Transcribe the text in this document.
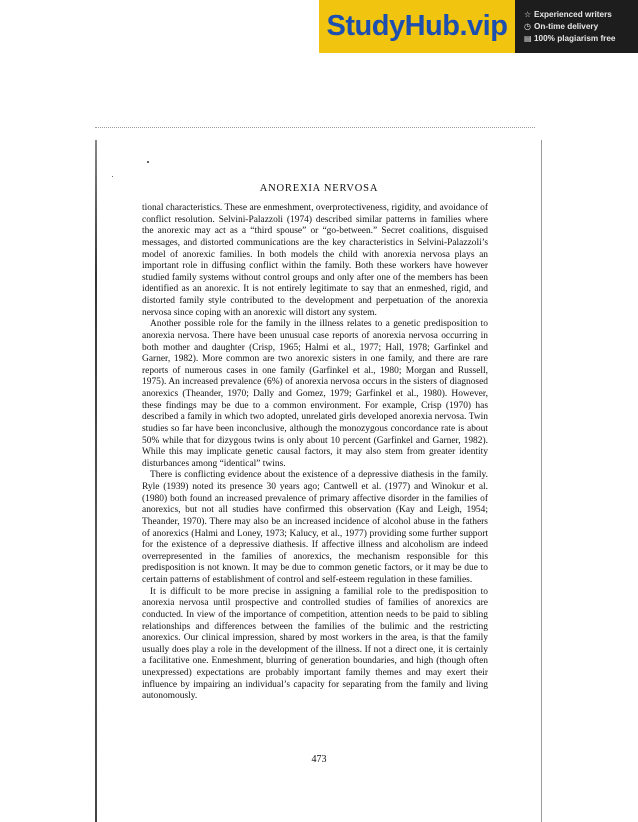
StudyHub.vip ☆ Experienced writers
◷ On-time delivery
▤ 100% plagiarism free
ANOREXIA NERVOSA

tional characteristics. These are enmeshment, overprotectiveness, rigidity, and avoidance of conflict resolution. Selvini-Palazzoli (1974) described similar patterns in families where the anorexic may act as a “third spouse” or “go-between.” Secret coalitions, disguised messages, and distorted communications are the key characteristics in Selvini-Palazzoli’s model of anorexic families. In both models the child with anorexia nervosa plays an important role in diffusing conflict within the family. Both these workers have however studied family systems without control groups and only after one of the members has been identified as an anorexic. It is not entirely legitimate to say that an enmeshed, rigid, and distorted family style contributed to the development and perpetuation of the anorexia nervosa since coping with an anorexic will distort any system.

Another possible role for the family in the illness relates to a genetic predisposition to anorexia nervosa. There have been unusual case reports of anorexia nervosa occurring in both mother and daughter (Crisp, 1965; Halmi et al., 1977; Hall, 1978; Garfinkel and Garner, 1982). More common are two anorexic sisters in one family, and there are rare reports of numerous cases in one family (Garfinkel et al., 1980; Morgan and Russell, 1975). An increased prevalence (6%) of anorexia nervosa occurs in the sisters of diagnosed anorexics (Theander, 1970; Dally and Gomez, 1979; Garfinkel et al., 1980). However, these findings may be due to a common environment. For example, Crisp (1970) has described a family in which two adopted, unrelated girls developed anorexia nervosa. Twin studies so far have been inconclusive, although the monozygous concordance rate is about 50% while that for dizygous twins is only about 10 percent (Garfinkel and Garner, 1982). While this may implicate genetic causal factors, it may also stem from greater identity disturbances among “identical” twins.

There is conflicting evidence about the existence of a depressive diathesis in the family. Ryle (1939) noted its presence 30 years ago; Cantwell et al. (1977) and Winokur et al. (1980) both found an increased prevalence of primary affective disorder in the families of anorexics, but not all studies have confirmed this observation (Kay and Leigh, 1954; Theander, 1970). There may also be an increased incidence of alcohol abuse in the fathers of anorexics (Halmi and Loney, 1973; Kalucy, et al., 1977) providing some further support for the existence of a depressive diathesis. If affective illness and alcoholism are indeed overrepresented in the families of anorexics, the mechanism responsible for this predisposition is not known. It may be due to common genetic factors, or it may be due to certain patterns of establishment of control and self-esteem regulation in these families.

It is difficult to be more precise in assigning a familial role to the predisposition to anorexia nervosa until prospective and controlled studies of families of anorexics are conducted. In view of the importance of competition, attention needs to be paid to sibling relationships and differences between the families of the bulimic and the restricting anorexics. Our clinical impression, shared by most workers in the area, is that the family usually does play a role in the development of the illness. If not a direct one, it is certainly a facilitative one. Enmeshment, blurring of generation boundaries, and high (though often unexpressed) expectations are probably important family themes and may exert their influence by impairing an individual’s capacity for separating from the family and living autonomously.

473
